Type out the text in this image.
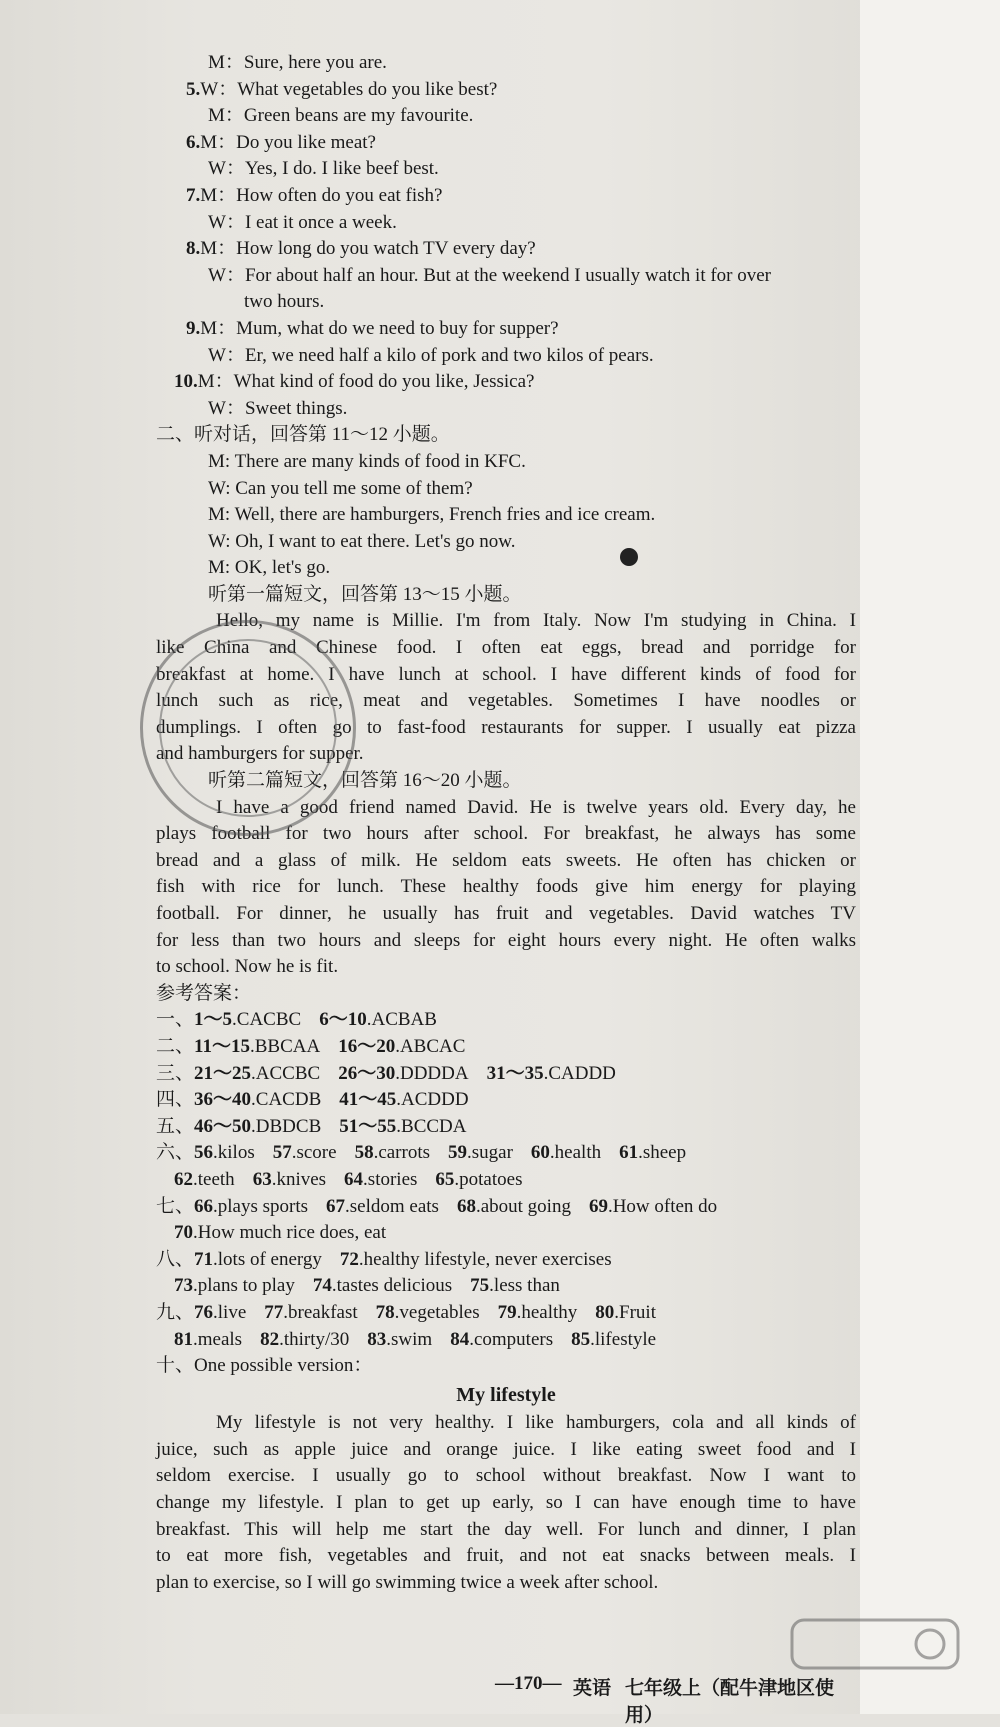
M：Sure, here you are.
5 . W：What vegetables do you like best?
M：Green beans are my favourite.
6 . M：Do you like meat?
W：Yes, I do. I like beef best.
7 . M：How often do you eat fish?
W：I eat it once a week.
8 . M：How long do you watch TV every day?
W：For about half an hour. But at the weekend I usually watch it for over
two hours.
9 . M：Mum, what do we need to buy for supper?
W：Er, we need half a kilo of pork and two kilos of pears.
10 . M：What kind of food do you like, Jessica?
W：Sweet things.
二、听对话，回答第 11～12 小题。
M: There are many kinds of food in KFC.
W: Can you tell me some of them?
M: Well, there are hamburgers, French fries and ice cream.
W: Oh, I want to eat there. Let's go now.
M: OK, let's go.
听第一篇短文，回答第 13～15 小题。
Hello, my name is Millie. I'm from Italy. Now I'm studying in China. I
like China and Chinese food. I often eat eggs, bread and porridge for
breakfast at home. I have lunch at school. I have different kinds of food for
lunch such as rice, meat and vegetables. Sometimes I have noodles or
dumplings. I often go to fast-food restaurants for supper. I usually eat pizza
and hamburgers for supper.
听第二篇短文，回答第 16～20 小题。
I have a good friend named David. He is twelve years old. Every day, he
plays football for two hours after school. For breakfast, he always has some
bread and a glass of milk. He seldom eats sweets. He often has chicken or
fish with rice for lunch. These healthy foods give him energy for playing
football. For dinner, he usually has fruit and vegetables. David watches TV
for less than two hours and sleeps for eight hours every night. He often walks
to school. Now he is fit.
参考答案：
一、1～5.CACBC 6～10.ACBAB
二、11～15.BBCAA 16～20.ABCAC
三、21～25.ACCBC 26～30.DDDDA 31～35.CADDD
四、36～40.CACDB 41～45.ACDDD
五、46～50.DBDCB 51～55.BCCDA
六、56.kilos 57.score 58.carrots 59.sugar 60.health 61.sheep
62.teeth 63.knives 64.stories 65.potatoes
七、66.plays sports 67.seldom eats 68.about going 69.How often do
70.How much rice does, eat
八、71.lots of energy 72.healthy lifestyle, never exercises
73.plans to play 74.tastes delicious 75.less than
九、76.live 77.breakfast 78.vegetables 79.healthy 80.Fruit
81.meals 82.thirty/30 83.swim 84.computers 85.lifestyle
十、One possible version：
My lifestyle
My lifestyle is not very healthy. I like hamburgers, cola and all kinds of
juice, such as apple juice and orange juice. I like eating sweet food and I
seldom exercise. I usually go to school without breakfast. Now I want to
change my lifestyle. I plan to get up early, so I can have enough time to have
breakfast. This will help me start the day well. For lunch and dinner, I plan
to eat more fish, vegetables and fruit, and not eat snacks between meals. I
plan to exercise, so I will go swimming twice a week after school.
—170— 英语 七年级上（配牛津地区使用）
